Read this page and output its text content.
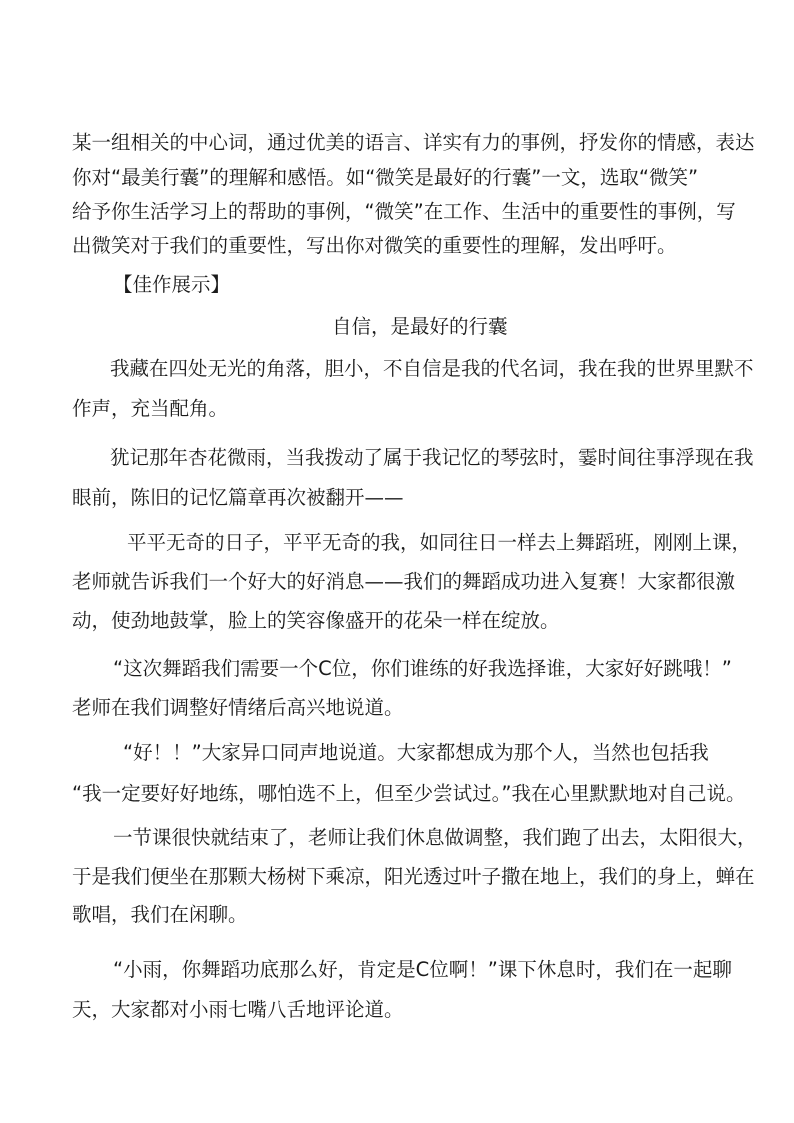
某一组相关的中心词，通过优美的语言、详实有力的事例，抒发你的情感，表达
你对“最美行囊”的理解和感悟。如“微笑是最好的行囊”一文，选取“微笑”
给予你生活学习上的帮助的事例，“微笑”在工作、生活中的重要性的事例，写
出微笑对于我们的重要性，写出你对微笑的重要性的理解，发出呼吁。
【佳作展示】
自信，是最好的行囊
我藏在四处无光的角落，胆小，不自信是我的代名词，我在我的世界里默不
作声，充当配角。
犹记那年杏花微雨，当我拨动了属于我记忆的琴弦时，霎时间往事浮现在我
眼前，陈旧的记忆篇章再次被翻开——
平平无奇的日子，平平无奇的我，如同往日一样去上舞蹈班，刚刚上课，
老师就告诉我们一个好大的好消息——我们的舞蹈成功进入复赛！大家都很激
动，使劲地鼓掌，脸上的笑容像盛开的花朵一样在绽放。
“这次舞蹈我们需要一个C位，你们谁练的好我选择谁，大家好好跳哦！”
老师在我们调整好情绪后高兴地说道。
“好！！”大家异口同声地说道。大家都想成为那个人，当然也包括我
“我一定要好好地练，哪怕选不上，但至少尝试过。”我在心里默默地对自己说。
一节课很快就结束了，老师让我们休息做调整，我们跑了出去，太阳很大，
于是我们便坐在那颗大杨树下乘凉，阳光透过叶子撒在地上，我们的身上，蝉在
歌唱，我们在闲聊。
“小雨，你舞蹈功底那么好，肯定是C位啊！”课下休息时，我们在一起聊
天，大家都对小雨七嘴八舌地评论道。
